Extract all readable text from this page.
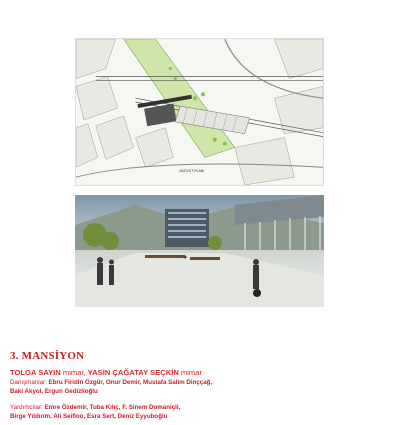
VAZİYET PLANI
3. MANSİYON
TOLGA SAYIN mimar, YASİN ÇAĞATAY SEÇKİN mimar
Danışmanlar: Ebru Firidin Özgür, Onur Demir, Mustafa Salim Dinççağ,
Baki Akyol, Ergun Gedizlioğlu
Yardımcılar: Emre Özdemir, Tuba Kılıç, F. Sinem Domaniçli,
Birge Yıldırım, Ali Seifloo, Esra Sert, Deniz Eyyuboğlu
